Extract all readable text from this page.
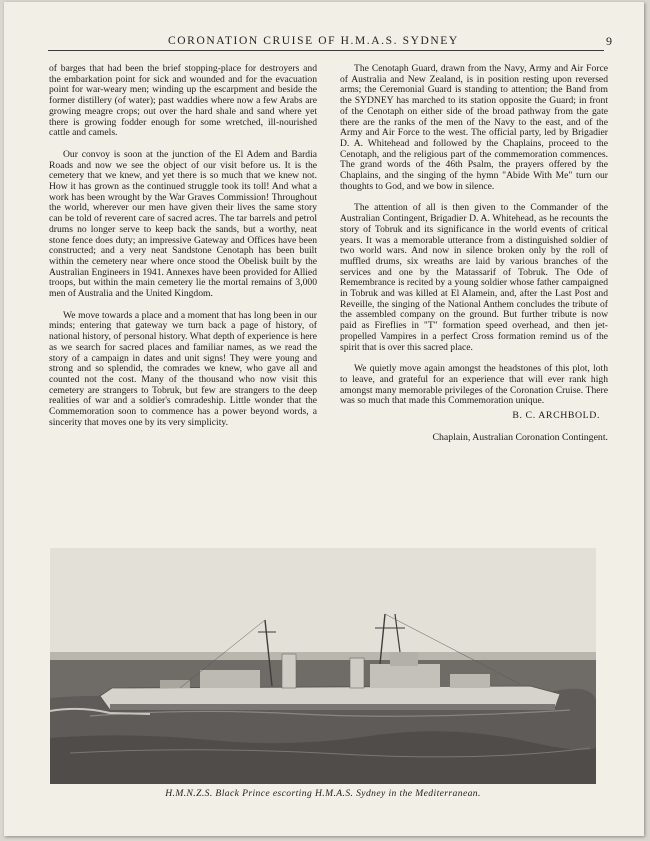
CORONATION CRUISE OF H.M.A.S. SYDNEY	9

of barges that had been the brief stopping-place for destroyers and the embarkation point for sick and wounded and for the evacuation point for war-weary men; winding up the escarpment and beside the former distillery (of water); past waddies where now a few Arabs are growing meagre crops; out over the hard shale and sand where yet there is growing fodder enough for some wretched, ill-nourished cattle and camels.

Our convoy is soon at the junction of the El Adem and Bardia Roads and now we see the object of our visit before us. It is the cemetery that we knew, and yet there is so much that we knew not. How it has grown as the continued struggle took its toll! And what a work has been wrought by the War Graves Commission! Throughout the world, wherever our men have given their lives the same story can be told of reverent care of sacred acres. The tar barrels and petrol drums no longer serve to keep back the sands, but a worthy, neat stone fence does duty; an impressive Gateway and Offices have been constructed; and a very neat Sandstone Cenotaph has been built within the cemetery near where once stood the Obelisk built by the Australian Engineers in 1941. Annexes have been provided for Allied troops, but within the main cemetery lie the mortal remains of 3,000 men of Australia and the United Kingdom.

We move towards a place and a moment that has long been in our minds; entering that gateway we turn back a page of history, of national history, of personal history. What depth of experience is here as we search for sacred places and familiar names, as we read the story of a campaign in dates and unit signs! They were young and strong and so splendid, the comrades we knew, who gave all and counted not the cost. Many of the thousand who now visit this cemetery are strangers to Tobruk, but few are strangers to the deep realities of war and a soldier's comradeship. Little wonder that the Commemoration soon to commence has a power beyond words, a sincerity that moves one by its very simplicity.

The Cenotaph Guard, drawn from the Navy, Army and Air Force of Australia and New Zealand, is in position resting upon reversed arms; the Ceremonial Guard is standing to attention; the Band from the SYDNEY has marched to its station opposite the Guard; in front of the Cenotaph on either side of the broad pathway from the gate there are the ranks of the men of the Navy to the east, and of the Army and Air Force to the west. The official party, led by Brigadier D. A. Whitehead and followed by the Chaplains, proceed to the Cenotaph, and the religious part of the commemoration commences. The grand words of the 46th Psalm, the prayers offered by the Chaplains, and the singing of the hymn "Abide With Me" turn our thoughts to God, and we bow in silence.

The attention of all is then given to the Commander of the Australian Contingent, Brigadier D. A. Whitehead, as he recounts the story of Tobruk and its significance in the world events of critical years. It was a memorable utterance from a distinguished soldier of two world wars. And now in silence broken only by the roll of muffled drums, six wreaths are laid by various branches of the services and one by the Matassarif of Tobruk. The Ode of Remembrance is recited by a young soldier whose father campaigned in Tobruk and was killed at El Alamein, and, after the Last Post and Reveille, the singing of the National Anthem concludes the tribute of the assembled company on the ground. But further tribute is now paid as Fireflies in "T" formation speed overhead, and then jet-propelled Vampires in a perfect Cross formation remind us of the spirit that is over this sacred place.

We quietly move again amongst the headstones of this plot, loth to leave, and grateful for an experience that will ever rank high amongst many memorable privileges of the Coronation Cruise. There was so much that made this Commemoration unique.

B. C. ARCHBOLD.

Chaplain, Australian Coronation Contingent.

H.M.N.Z.S. Black Prince escorting H.M.A.S. Sydney in the Mediterranean.
